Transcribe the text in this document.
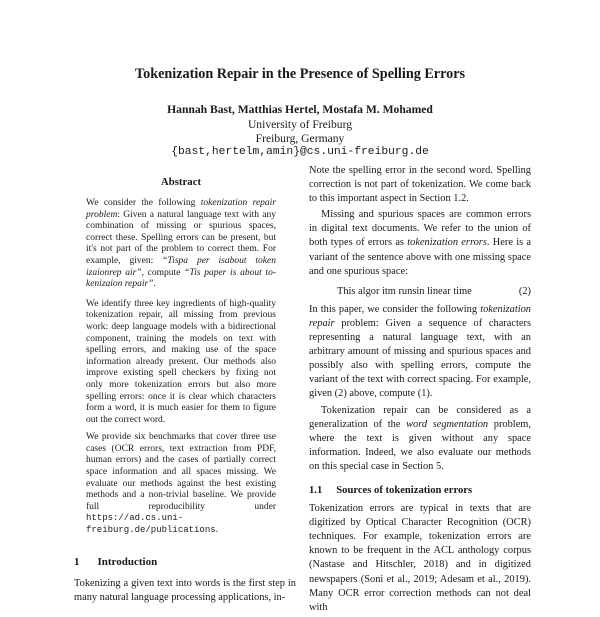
Tokenization Repair in the Presence of Spelling Errors
Hannah Bast, Matthias Hertel, Mostafa M. Mohamed
University of Freiburg
Freiburg, Germany
{bast,hertelm,amin}@cs.uni-freiburg.de
Abstract

We consider the following tokenization repair problem: Given a natural language text with any combination of missing or spurious spaces, correct these. Spelling errors can be present, but it's not part of the problem to correct them. For example, given: “Tispa per isabout token izaionrep air”, compute “Tis paper is about to-kenizaion repair”.

We identify three key ingredients of high-quality tokenization repair, all missing from previous work: deep language models with a bidirectional component, training the models on text with spelling errors, and making use of the space information already present. Our methods also improve existing spell checkers by fixing not only more tokenization errors but also more spelling errors: once it is clear which characters form a word, it is much easier for them to figure out the correct word.

We provide six benchmarks that cover three use cases (OCR errors, text extraction from PDF, human errors) and the cases of partially correct space information and all spaces missing. We evaluate our methods against the best existing methods and a non-trivial baseline. We provide full reproducibility under https://ad.cs.uni-freiburg.de/publications.

1 Introduction
Tokenizing a given text into words is the first step in many natural language processing applications, in-

Note the spelling error in the second word. Spelling correction is not part of tokenization. We come back to this important aspect in Section 1.2.

Missing and spurious spaces are common errors in digital text documents. We refer to the union of both types of errors as tokenization errors. Here is a variant of the sentence above with one missing space and one spurious space:

This algor itm runsin linear time	(2)

In this paper, we consider the following tokenization repair problem: Given a sequence of characters representing a natural language text, with an arbitrary amount of missing and spurious spaces and possibly also with spelling errors, compute the variant of the text with correct spacing. For example, given (2) above, compute (1).

Tokenization repair can be considered as a generalization of the word segmentation problem, where the text is given without any space information. Indeed, we also evaluate our methods on this special case in Section 5.

1.1 Sources of tokenization errors

Tokenization errors are typical in texts that are digitized by Optical Character Recognition (OCR) techniques. For example, tokenization errors are known to be frequent in the ACL anthology corpus (Nastase and Hitschler, 2018) and in digitized newspapers (Soni et al., 2019; Adesam et al., 2019). Many OCR error correction methods can not deal with
